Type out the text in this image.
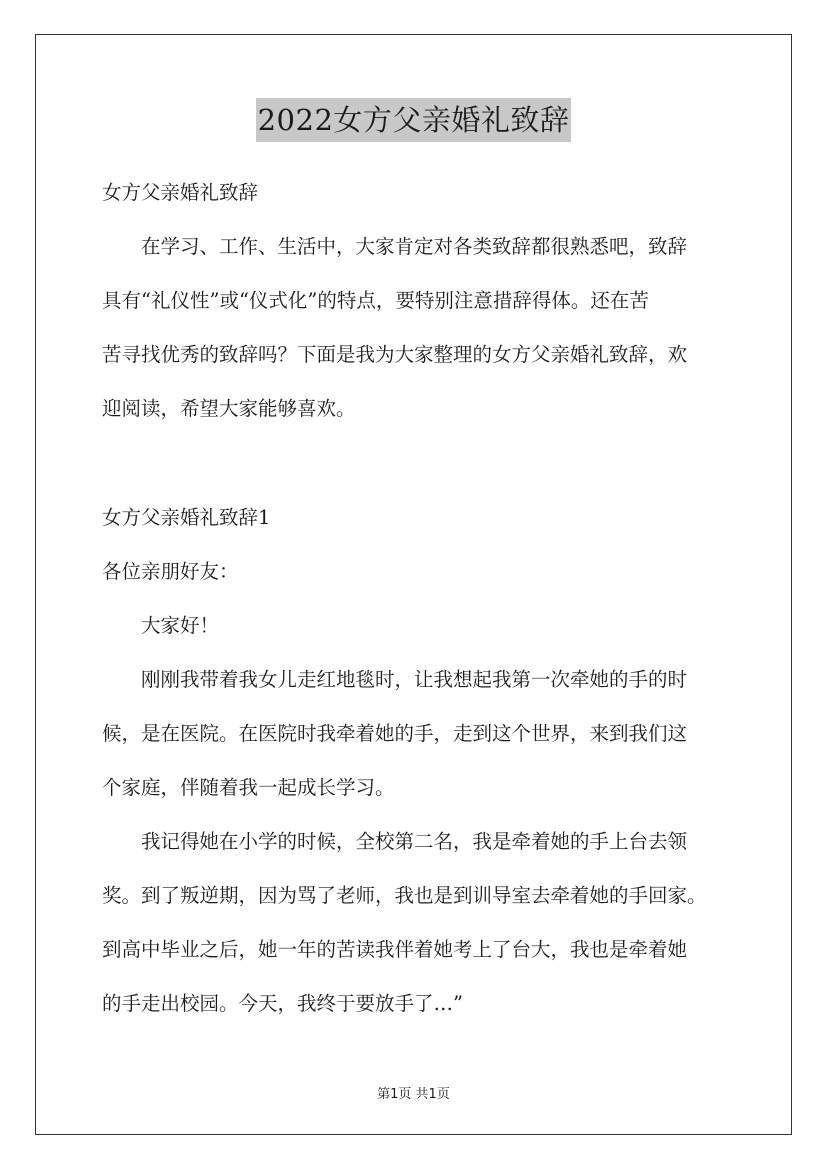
2022女方父亲婚礼致辞
女方父亲婚礼致辞
在学习、工作、生活中，大家肯定对各类致辞都很熟悉吧，致辞
具有“礼仪性”或“仪式化”的特点，要特别注意措辞得体。还在苦
苦寻找优秀的致辞吗？下面是我为大家整理的女方父亲婚礼致辞，欢
迎阅读，希望大家能够喜欢。
女方父亲婚礼致辞1
各位亲朋好友：
大家好！
刚刚我带着我女儿走红地毯时，让我想起我第一次牵她的手的时
候，是在医院。在医院时我牵着她的手，走到这个世界，来到我们这
个家庭，伴随着我一起成长学习。
我记得她在小学的时候，全校第二名，我是牵着她的手上台去领
奖。到了叛逆期，因为骂了老师，我也是到训导室去牵着她的手回家。
到高中毕业之后，她一年的苦读我伴着她考上了台大，我也是牵着她
的手走出校园。今天，我终于要放手了…”
第1页 共1页
